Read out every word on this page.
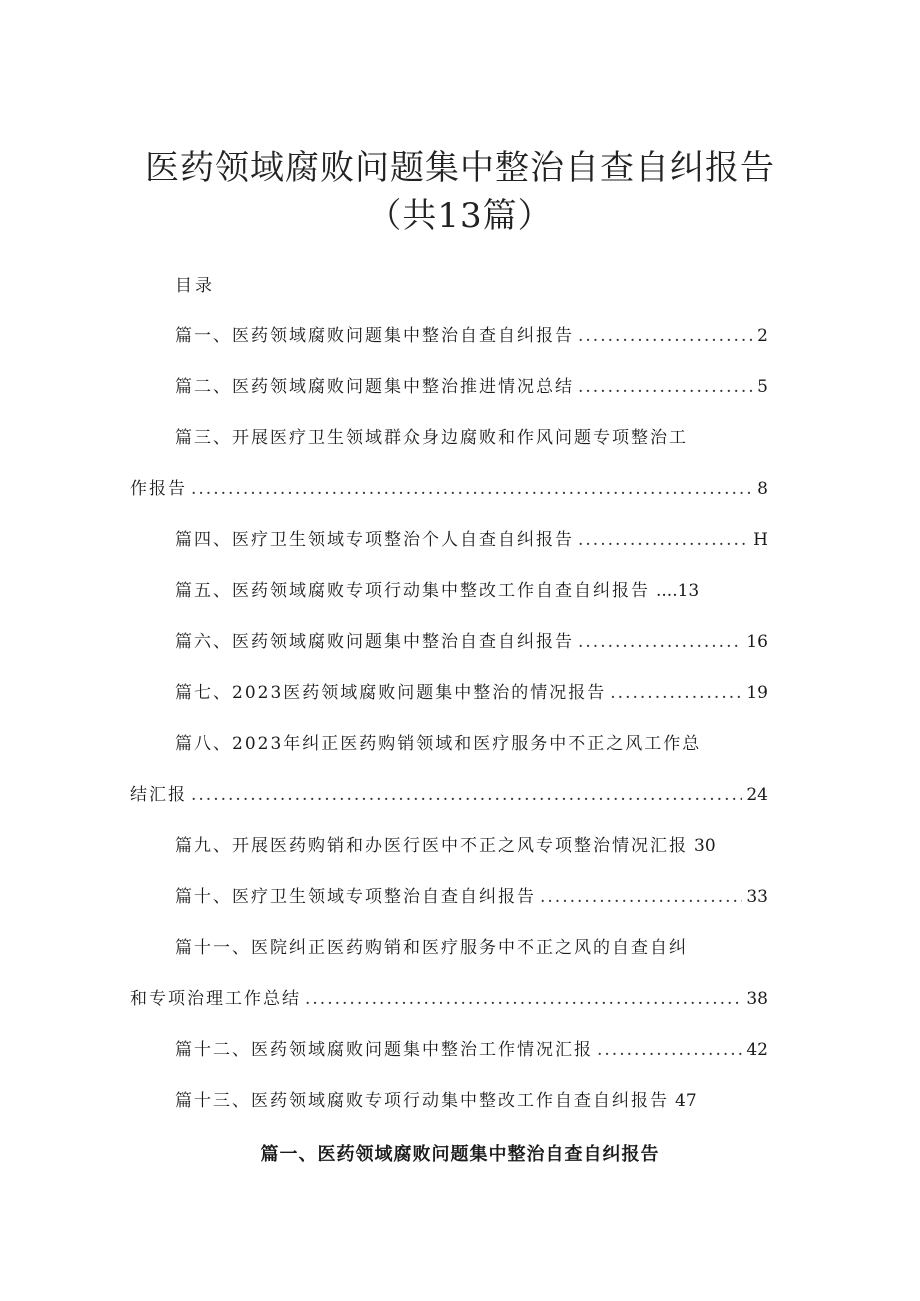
医药领域腐败问题集中整治自查自纠报告
（共13篇）
目录
篇一、医药领域腐败问题集中整治自查自纠报告 .....	2
篇二、医药领域腐败问题集中整治推进情况总结 .....	5
篇三、开展医疗卫生领域群众身边腐败和作风问题专项整治工
作报告 .....	8
篇四、医疗卫生领域专项整治个人自查自纠报告 .....	H
篇五、医药领域腐败专项行动集中整改工作自查自纠报告 ....13
篇六、医药领域腐败问题集中整治自查自纠报告 .....	16
篇七、2023医药领域腐败问题集中整治的情况报告 .....	19
篇八、2023年纠正医药购销领域和医疗服务中不正之风工作总
结汇报 .....	24
篇九、开展医药购销和办医行医中不正之风专项整治情况汇报 30
篇十、医疗卫生领域专项整治自查自纠报告 .....	33
篇十一、医院纠正医药购销和医疗服务中不正之风的自查自纠
和专项治理工作总结 .....	38
篇十二、医药领域腐败问题集中整治工作情况汇报 .....	42
篇十三、医药领域腐败专项行动集中整改工作自查自纠报告 47
篇一、医药领域腐败问题集中整治自查自纠报告
